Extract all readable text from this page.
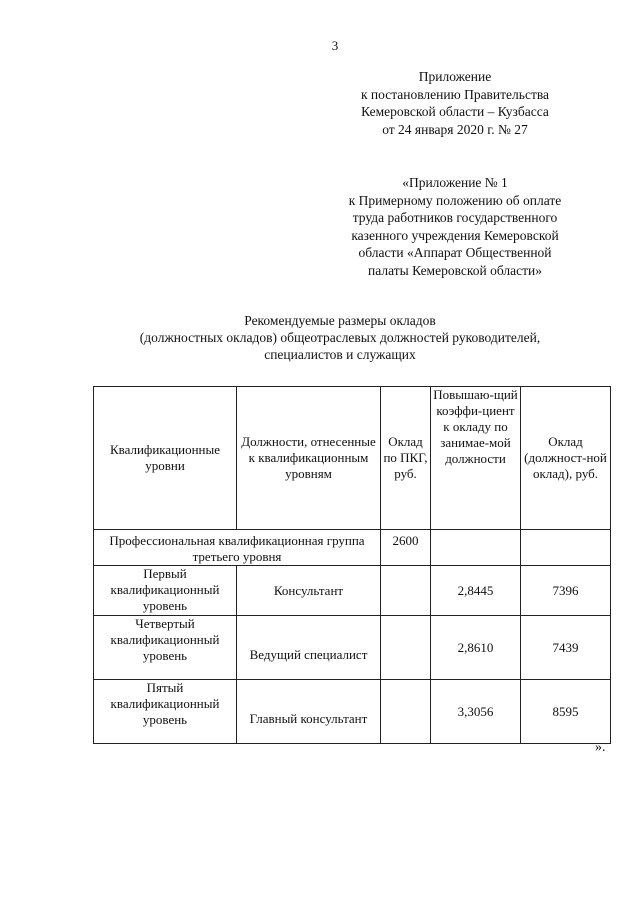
3
Приложение
к постановлению Правительства
Кемеровской области – Кузбасса
от 24 января 2020 г. № 27
«Приложение № 1
к Примерному положению об оплате
труда работников государственного
казенного учреждения Кемеровской
области «Аппарат Общественной
палаты Кемеровской области»
Рекомендуемые размеры окладов
(должностных окладов) общеотраслевых должностей руководителей,
специалистов и служащих
Квалификационные уровни	Должности, отнесенные к квалификационным уровням	Оклад по ПКГ, руб.	Повышаю-щий коэффи-циент к окладу по занимае-мой должности	Оклад (должност-ной оклад), руб.
Профессиональная квалификационная группа третьего уровня		2600		
Первый квалификационный уровень	Консультант		2,8445	7396
Четвертый квалификационный уровень	Ведущий специалист		2,8610	7439
Пятый квалификационный уровень	Главный консультант		3,3056	8595
».
